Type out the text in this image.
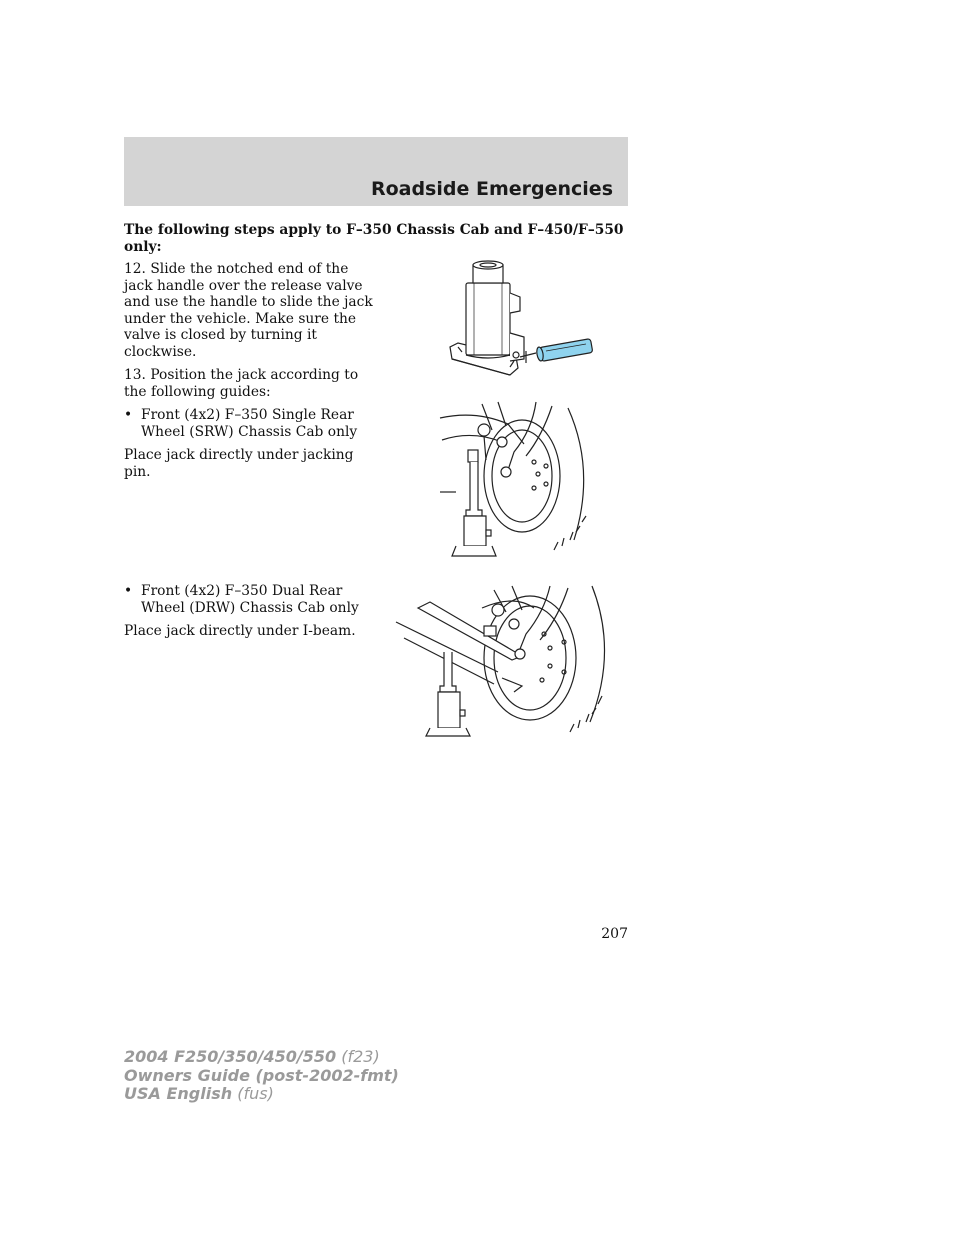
Roadside Emergencies
The following steps apply to F–350 Chassis Cab and F–450/F–550 only:

12. Slide the notched end of the jack handle over the release valve and use the handle to slide the jack under the vehicle. Make sure the valve is closed by turning it clockwise.

13. Position the jack according to the following guides:

• Front (4x2) F–350 Single Rear Wheel (SRW) Chassis Cab only

Place jack directly under jacking pin.

• Front (4x2) F–350 Dual Rear Wheel (DRW) Chassis Cab only

Place jack directly under I-beam.

207
2004 F250/350/450/550 (f23)
Owners Guide (post-2002-fmt)
USA English (fus)
